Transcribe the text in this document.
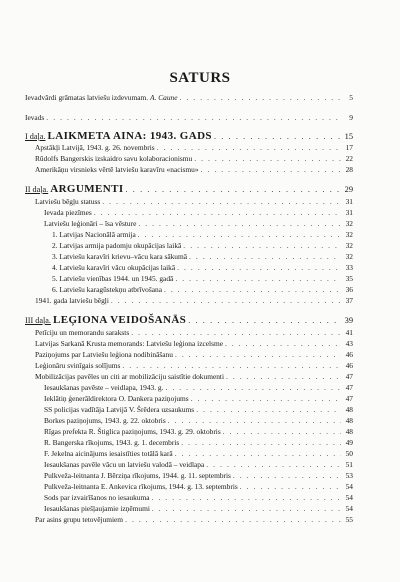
SATURS
Ievadvārdi grāmatas latviešu izdevumam. A. Caune . . .	5
Ievads . . .	9
I daļa. LAIKMETA AINA: 1943. GADS . . .	15
Apstākļi Latvijā, 1943. g. 26. novembris . . .	17
Rūdolfs Bangerskis izskaidro savu kolaboracionismu . . .	22
Amerikāņu virsnieks vērtē latviešu karavīru «nacismu» . . .	28
II daļa. ARGUMENTI . . .	29
Latviešu bēgļu statuss . . .	31
Ievada piezīmes . . .	31
Latviešu leģionāri – īsa vēsture . . .	32
1. Latvijas Nacionālā armija . . .	32
2. Latvijas armija padomju okupācijas laikā . . .	32
3. Latviešu karavīri krievu–vācu kara sākumā . . .	32
4. Latviešu karavīri vācu okupācijas laikā . . .	33
5. Latviešu vienības 1944. un 1945. gadā . . .	35
6. Latviešu karagūstekņu atbrīvošana . . .	36
1941. gada latviešu bēgļi . . .	37
III daļa. LEĢIONA VEIDOŠANĀS . . .	39
Petīciju un memorandu saraksts . . .	41
Latvijas Sarkanā Krusta memorands: Latviešu leģiona izcelsme . . .	43
Paziņojums par Latviešu leģiona nodibināšanu . . .	46
Leģionāru svinīgais solījums . . .	46
Mobilizācijas pavēles un citi ar mobilizāciju saistītie dokumenti . . .	47
Iesaukšanas pavēste – veidlapa, 1943. g. . . .	47
Ieklātiņ ģenerāldirektora O. Dankera paziņojums . . .	47
SS policijas vadītāja Latvijā V. Šrēdera uzsaukums . . .	48
Borkes paziņojums, 1943. g. 22. oktobris . . .	48
Rīgas prefekta R. Štiglica paziņojums, 1943. g. 29. oktobris . . .	48
R. Bangerska rīkojums, 1943. g. 1. decembris . . .	49
F. Jekelna aicinājums iesaistīties totālā karā . . .	50
Iesaukšanas pavēle vācu un latviešu valodā – veidlapa . . .	51
Pulkveža-leitnanta J. Bērziņa rīkojums, 1944. g. 11. septembris . . .	53
Pulkveža-leitnanta E. Ankevica rīkojums, 1944. g. 13. septembris . . .	54
Sods par izvairīšanos no iesaukuma . . .	54
Iesaukšanas piešļaujamie izņēmumi . . .	54
Par asins grupu tetovējumiem . . .	55
